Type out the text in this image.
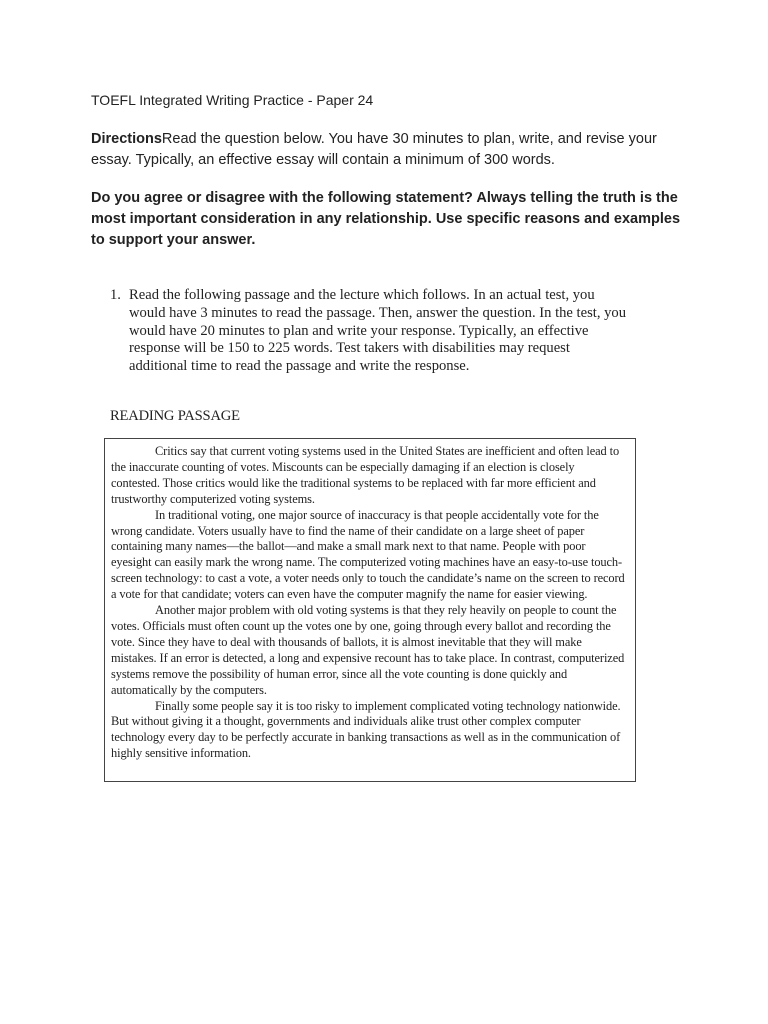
TOEFL Integrated Writing Practice - Paper 24
DirectionsRead the question below. You have 30 minutes to plan, write, and revise your essay. Typically, an effective essay will contain a minimum of 300 words.
Do you agree or disagree with the following statement? Always telling the truth is the most important consideration in any relationship. Use specific reasons and examples to support your answer.
1. Read the following passage and the lecture which follows. In an actual test, you would have 3 minutes to read the passage. Then, answer the question. In the test, you would have 20 minutes to plan and write your response. Typically, an effective response will be 150 to 225 words. Test takers with disabilities may request additional time to read the passage and write the response.
READING PASSAGE

Critics say that current voting systems used in the United States are inefficient and often lead to the inaccurate counting of votes. Miscounts can be especially damaging if an election is closely contested. Those critics would like the traditional systems to be replaced with far more efficient and trustworthy computerized voting systems.

In traditional voting, one major source of inaccuracy is that people accidentally vote for the wrong candidate. Voters usually have to find the name of their candidate on a large sheet of paper containing many names—the ballot—and make a small mark next to that name. People with poor eyesight can easily mark the wrong name. The computerized voting machines have an easy-to-use touch-screen technology: to cast a vote, a voter needs only to touch the candidate’s name on the screen to record a vote for that candidate; voters can even have the computer magnify the name for easier viewing.

Another major problem with old voting systems is that they rely heavily on people to count the votes. Officials must often count up the votes one by one, going through every ballot and recording the vote. Since they have to deal with thousands of ballots, it is almost inevitable that they will make mistakes. If an error is detected, a long and expensive recount has to take place. In contrast, computerized systems remove the possibility of human error, since all the vote counting is done quickly and automatically by the computers.

Finally some people say it is too risky to implement complicated voting technology nationwide. But without giving it a thought, governments and individuals alike trust other complex computer technology every day to be perfectly accurate in banking transactions as well as in the communication of highly sensitive information.
